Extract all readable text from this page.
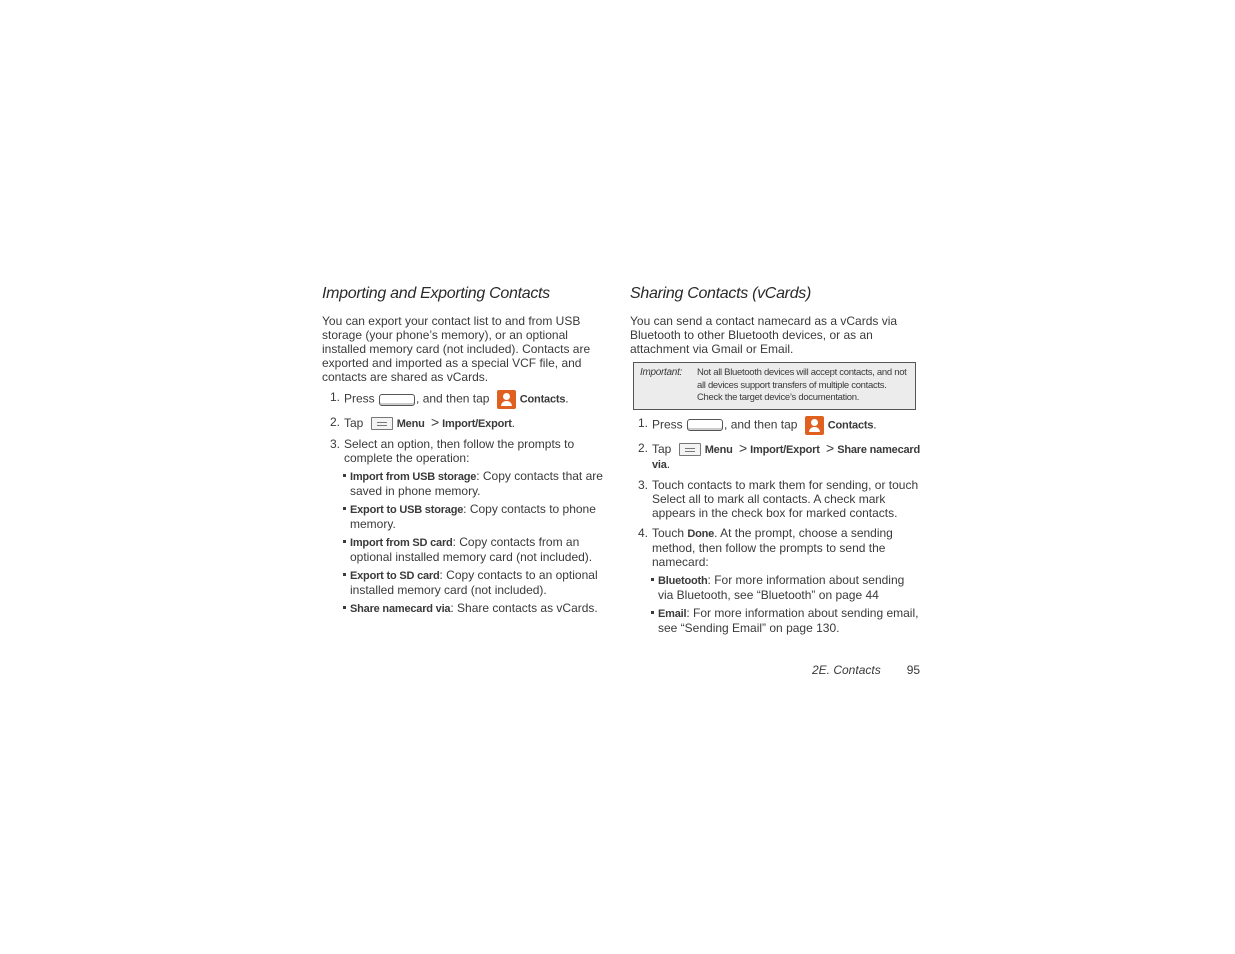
Importing and Exporting Contacts

You can export your contact list to and from USB storage (your phone’s memory), or an optional installed memory card (not included). Contacts are exported and imported as a special VCF file, and contacts are shared as vCards.

1. Press	, and then tap	Contacts.
2. Tap	Menu > Import/Export.
3. Select an option, then follow the prompts to complete the operation:
Import from USB storage: Copy contacts that are saved in phone memory.
Export to USB storage: Copy contacts to phone memory.
Import from SD card: Copy contacts from an optional installed memory card (not included).
Export to SD card: Copy contacts to an optional installed memory card (not included).
Share namecard via: Share contacts as vCards.
Sharing Contacts (vCards)

You can send a contact namecard as a vCards via Bluetooth to other Bluetooth devices, or as an attachment via Gmail or Email.

Important:	Not all Bluetooth devices will accept contacts, and not all devices support transfers of multiple contacts. Check the target device’s documentation.
1. Press	, and then tap	Contacts.
2. Tap	Menu > Import/Export > Share namecard via.
3. Touch contacts to mark them for sending, or touch Select all to mark all contacts. A check mark appears in the check box for marked contacts.
4. Touch Done. At the prompt, choose a sending method, then follow the prompts to send the namecard:
Bluetooth: For more information about sending via Bluetooth, see “Bluetooth” on page 44
Email: For more information about sending email, see “Sending Email” on page 130.
2E. Contacts 95
